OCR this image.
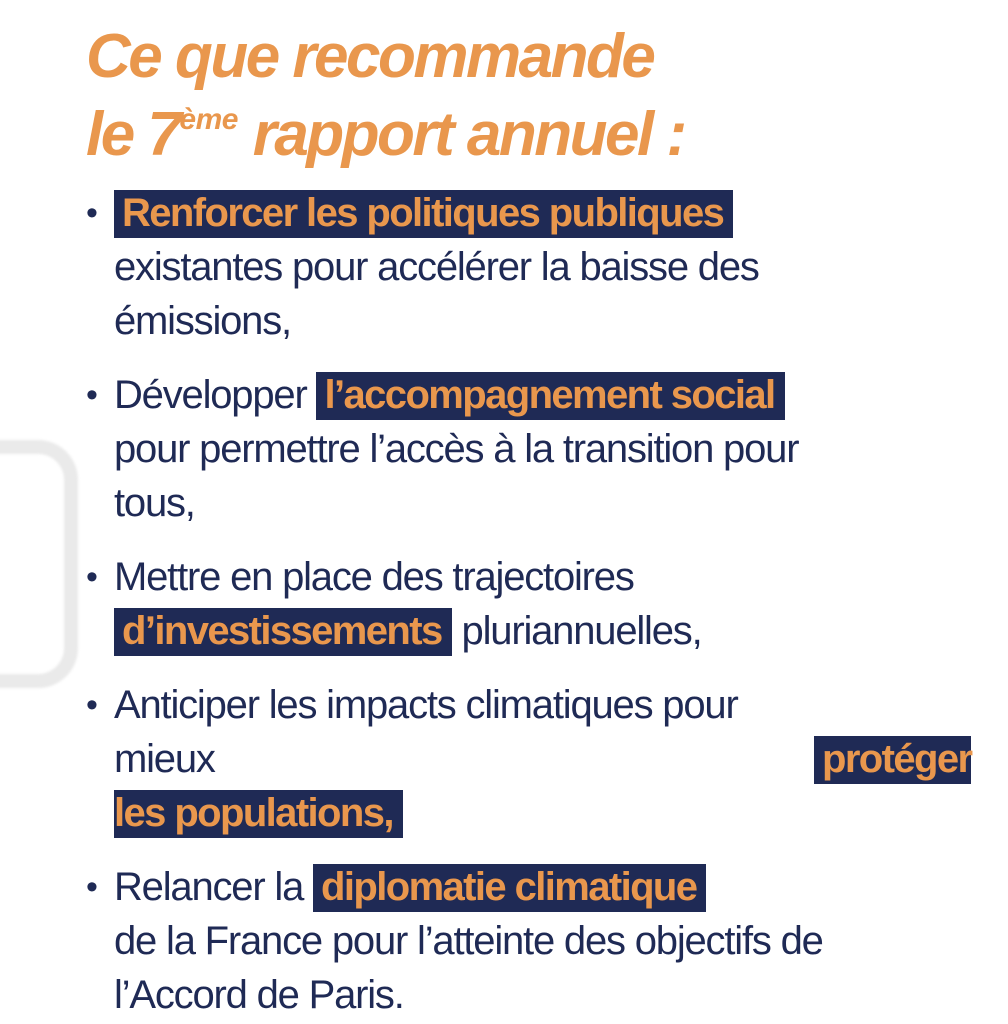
Ce que recommande
le 7ème rapport annuel :
• Renforcer les politiques publiques
existantes pour accélérer la baisse des émissions,
• Développer l’accompagnement social
pour permettre l’accès à la transition pour tous,
• Mettre en place des trajectoires
d’investissements pluriannuelles,
• Anticiper les impacts climatiques pour mieux	protéger les populations,
• Relancer la diplomatie climatique
de la France pour l’atteinte des objectifs de l’Accord de Paris.
